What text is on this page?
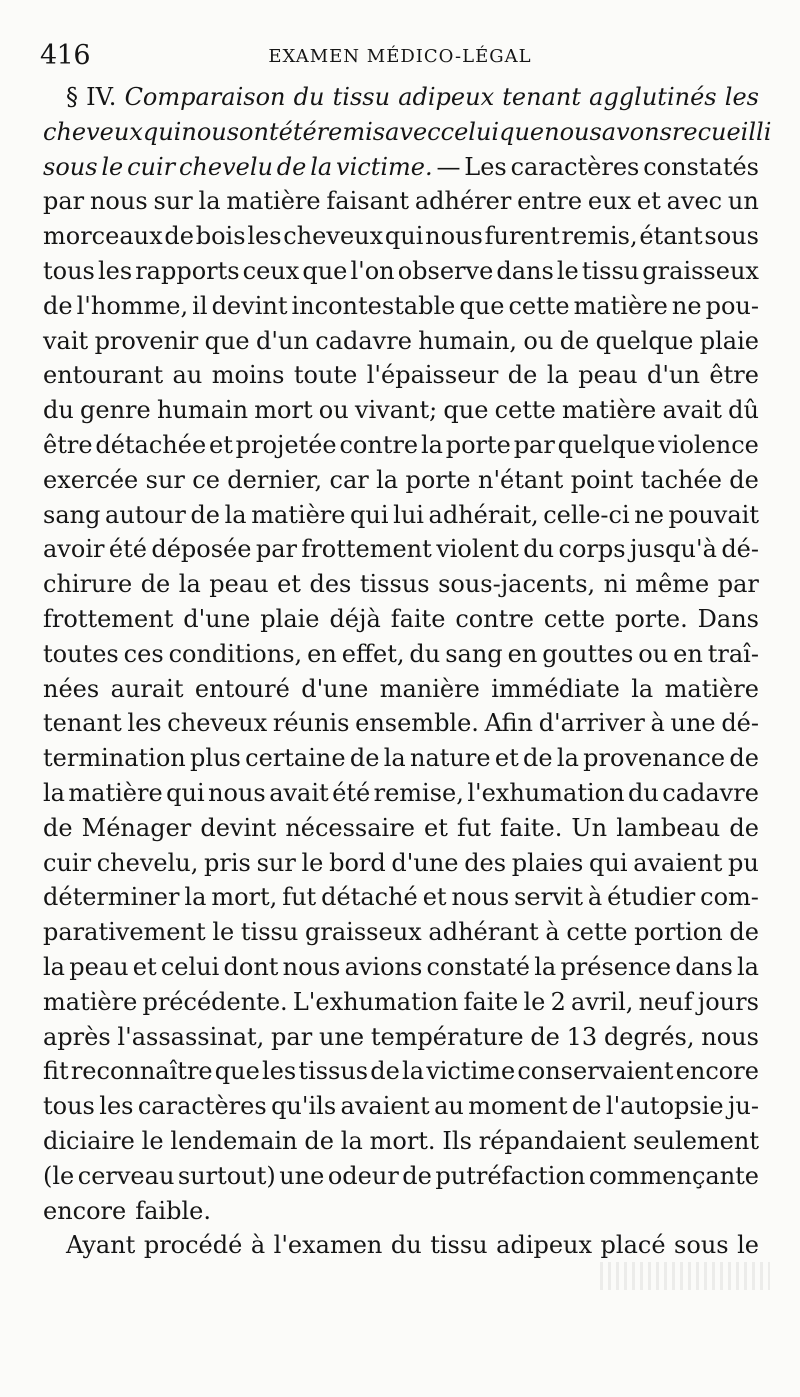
416	EXAMEN MÉDICO-LÉGAL
§ IV. Comparaison du tissu adipeux tenant agglutinés les
cheveux qui nous ont été remis avec celui que nous avons recueilli
sous le cuir chevelu de la victime. — Les caractères constatés
par nous sur la matière faisant adhérer entre eux et avec un
morceaux de bois les cheveux qui nous furent remis, étant sous
tous les rapports ceux que l'on observe dans le tissu graisseux
de l'homme, il devint incontestable que cette matière ne pou-
vait provenir que d'un cadavre humain, ou de quelque plaie
entourant au moins toute l'épaisseur de la peau d'un être
du genre humain mort ou vivant; que cette matière avait dû
être détachée et projetée contre la porte par quelque violence
exercée sur ce dernier, car la porte n'étant point tachée de
sang autour de la matière qui lui adhérait, celle-ci ne pouvait
avoir été déposée par frottement violent du corps jusqu'à dé-
chirure de la peau et des tissus sous-jacents, ni même par
frottement d'une plaie déjà faite contre cette porte. Dans
toutes ces conditions, en effet, du sang en gouttes ou en traî-
nées aurait entouré d'une manière immédiate la matière
tenant les cheveux réunis ensemble. Afin d'arriver à une dé-
termination plus certaine de la nature et de la provenance de
la matière qui nous avait été remise, l'exhumation du cadavre
de Ménager devint nécessaire et fut faite. Un lambeau de
cuir chevelu, pris sur le bord d'une des plaies qui avaient pu
déterminer la mort, fut détaché et nous servit à étudier com-
parativement le tissu graisseux adhérant à cette portion de
la peau et celui dont nous avions constaté la présence dans la
matière précédente. L'exhumation faite le 2 avril, neuf jours
après l'assassinat, par une température de 13 degrés, nous
fit reconnaître que les tissus de la victime conservaient encore
tous les caractères qu'ils avaient au moment de l'autopsie ju-
diciaire le lendemain de la mort. Ils répandaient seulement
(le cerveau surtout) une odeur de putréfaction commençante
encore faible.
Ayant procédé à l'examen du tissu adipeux placé sous le
